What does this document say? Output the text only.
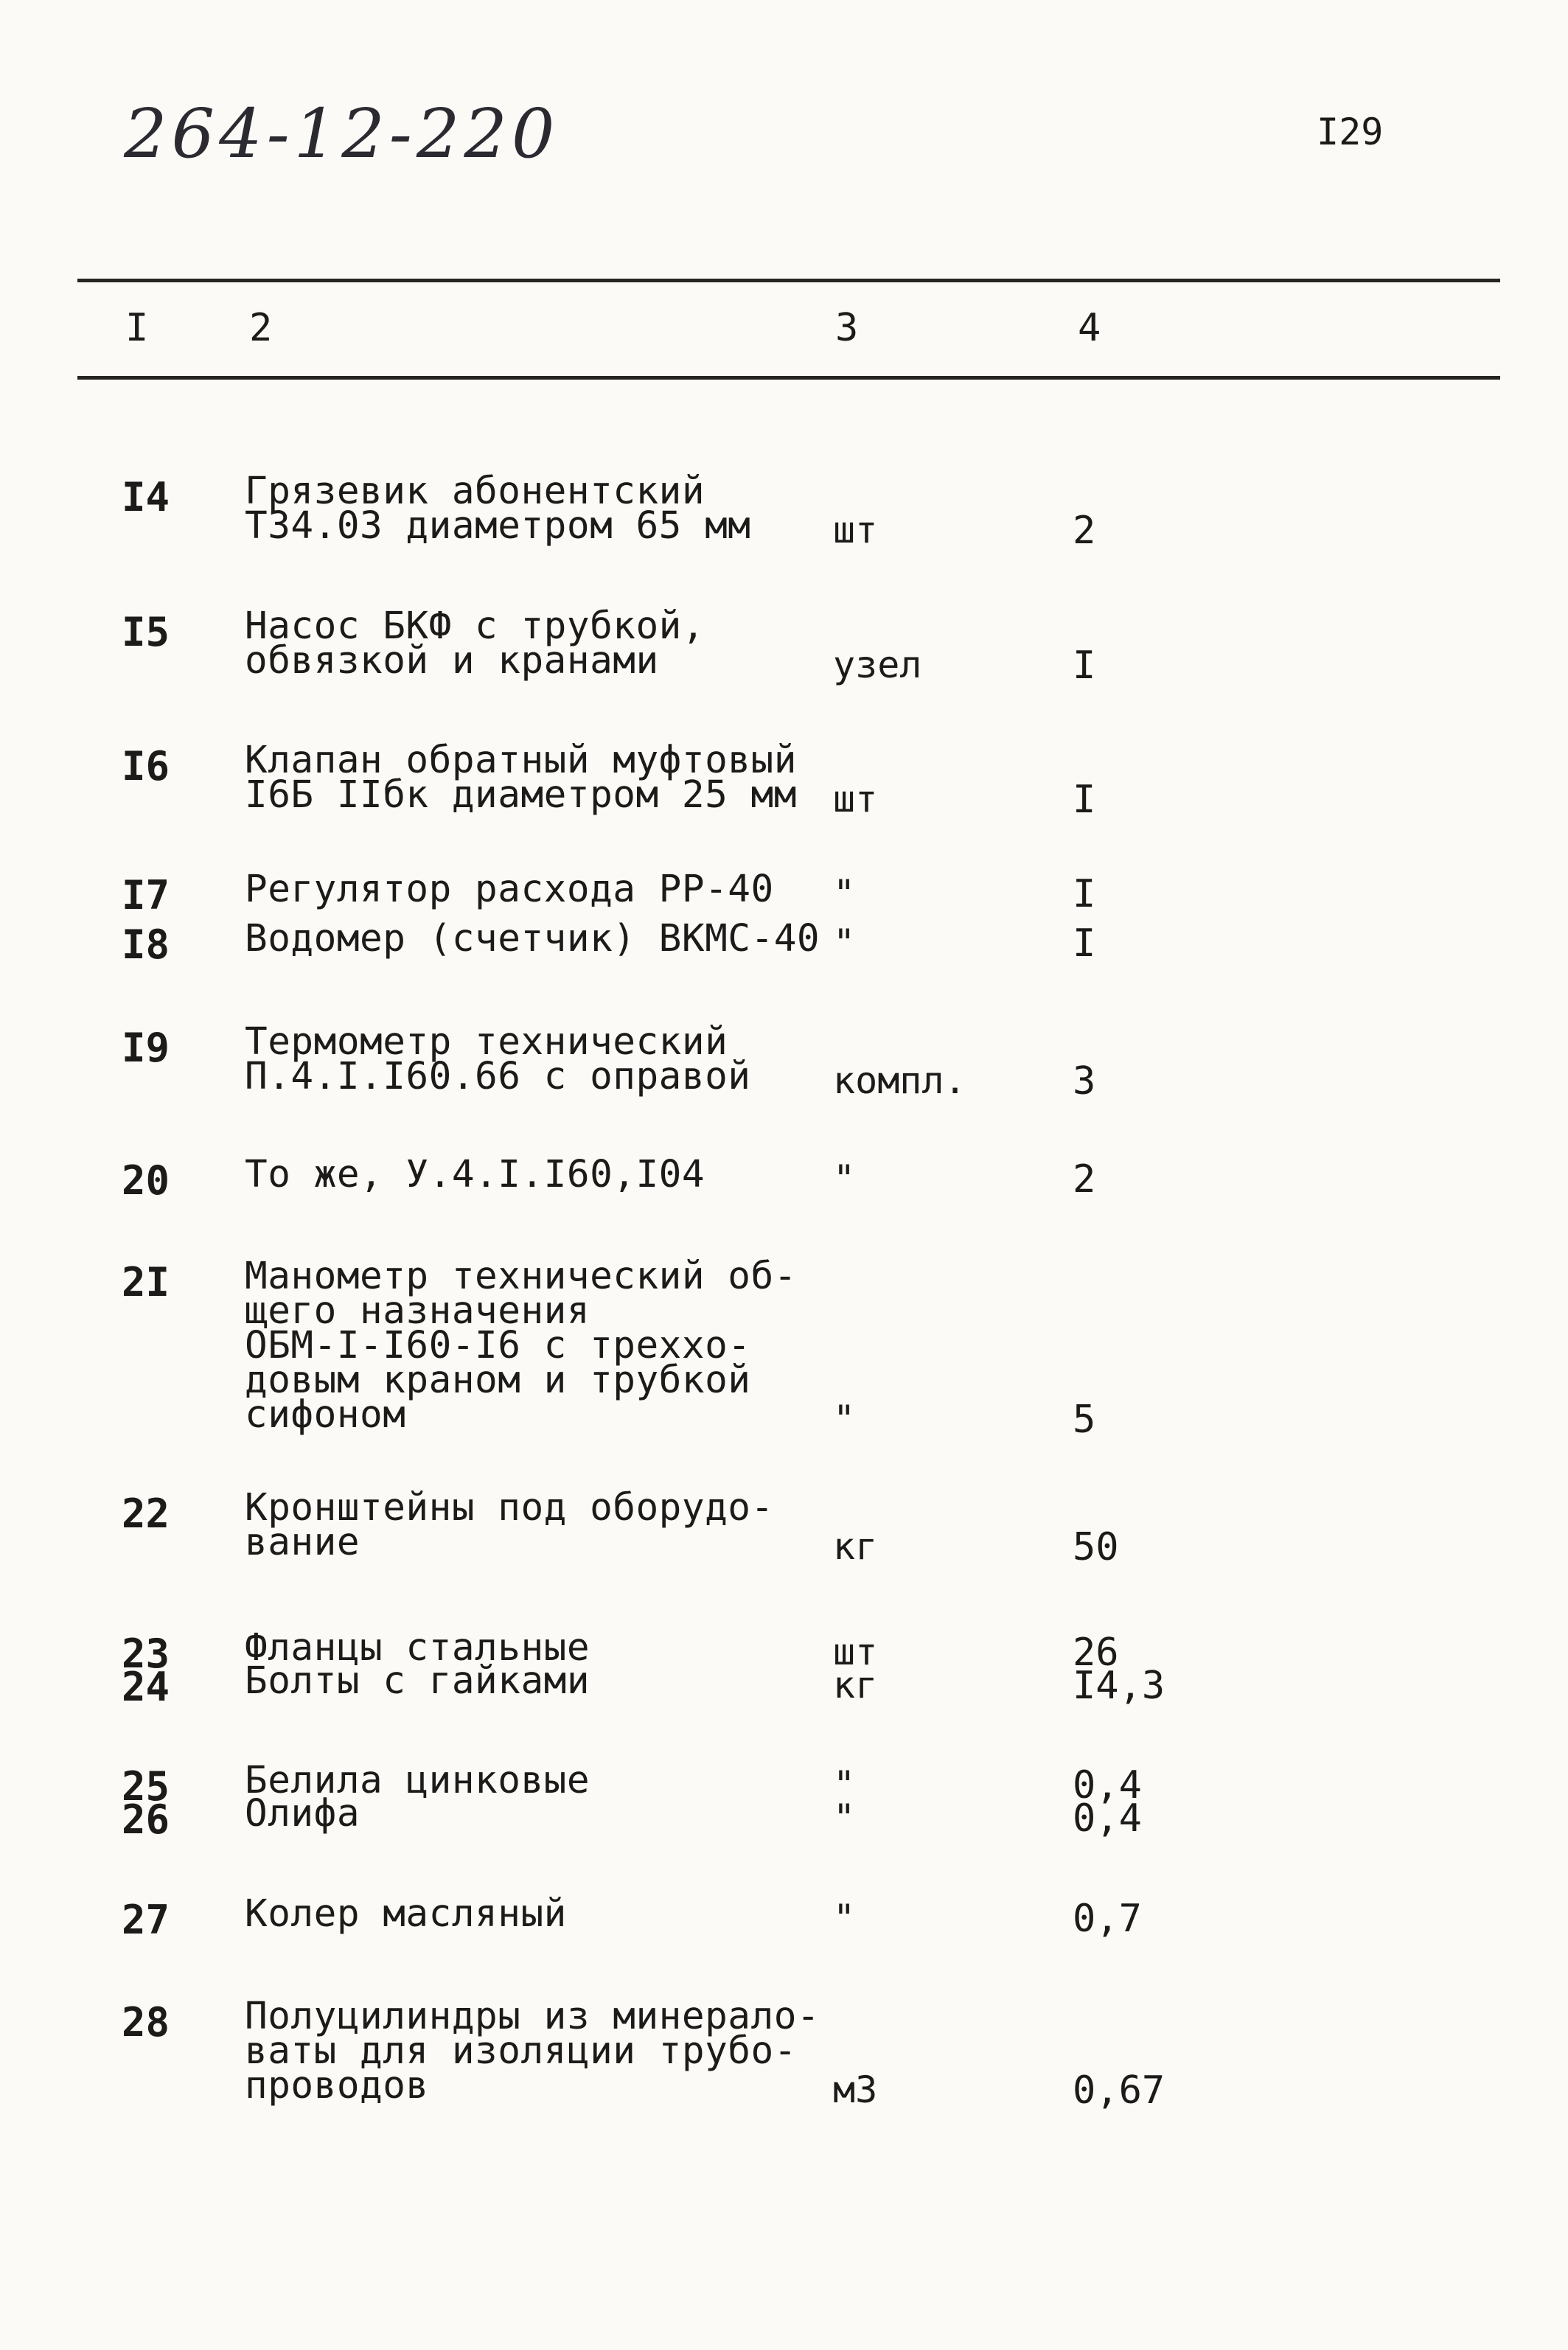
264-12-220	I29
I	2	3	4
I4 Грязевик абонентский
ТЗ4.03 диаметром 65 мм	шт	2
I5 Насос БКФ с трубкой,
обвязкой и кранами	узел	I
I6 Клапан обратный муфтовый
I6Б IIбк диаметром 25 мм шт	I
I7 Регулятор расхода РР-40	"	I
I8 Водомер (счетчик) ВКМС-40 "	I
I9 Термометр технический
П.4.I.I60.66 с оправой	компл.	3
20 То же, У.4.I.I60,I04	"	2
2I Манометр технический об-
щего назначения
ОБМ-I-I60-I6 с трехxо-
довым краном и трубкой
сифоном	"	5
22 Кронштейны под оборудо-
вание	кг	50
23 Фланцы стальные	шт	26
24 Болты с гайками	кг	I4,3
25 Белила цинковые	"	0,4
26 Олифа	"	0,4
27 Колер масляный	"	0,7
28 Полуцилиндры из минерало-
ваты для изоляции трубо-
проводов	м3	0,67
